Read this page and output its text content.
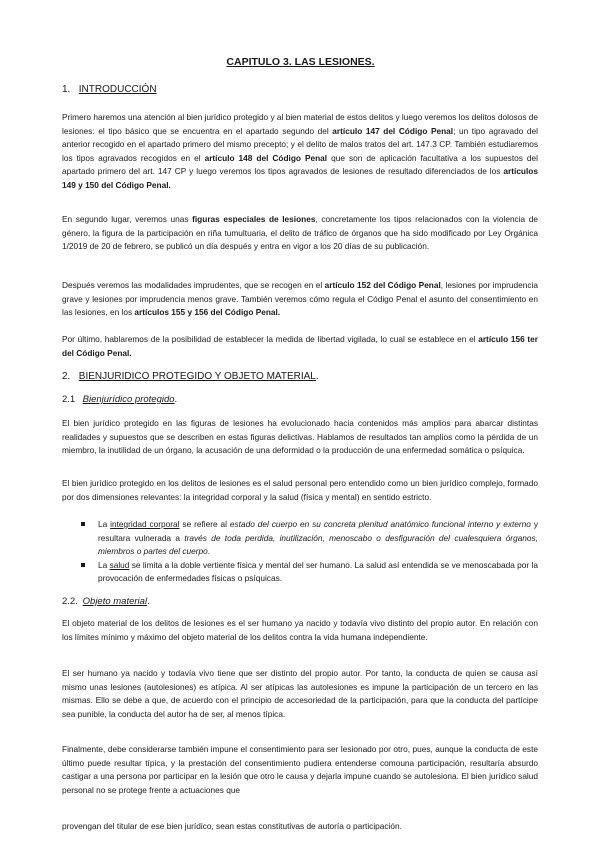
CAPITULO 3. LAS LESIONES.
1. INTRODUCCIÓN

Primero haremos una atención al bien jurídico protegido y al bien material de estos delitos y luego veremos los delitos dolosos de lesiones: el tipo básico que se encuentra en el apartado segundo del artículo 147 del Código Penal; un tipo agravado del anterior recogido en el apartado primero del mismo precepto; y el delito de malos tratos del art. 147.3 CP. También estudiaremos los tipos agravados recogidos en el artículo 148 del Código Penal que son de aplicación facultativa a los supuestos del apartado primero del art. 147 CP y luego veremos los tipos agravados de lesiones de resultado diferenciados de los artículos 149 y 150 del Código Penal.

En segundo lugar, veremos unas figuras especiales de lesiones, concretamente los tipos relacionados con la violencia de género, la figura de la participación en riña tumultuaria, el delito de tráfico de órganos que ha sido modificado por Ley Orgánica 1/2019 de 20 de febrero, se publicó un día después y entra en vigor a los 20 días de su publicación.

Después veremos las modalidades imprudentes, que se recogen en el artículo 152 del Código Penal, lesiones por imprudencia grave y lesiones por imprudencia menos grave. También veremos cómo regula el Código Penal el asunto del consentimiento en las lesiones, en los artículos 155 y 156 del Código Penal.

Por último, hablaremos de la posibilidad de establecer la medida de libertad vigilada, lo cual se establece en el artículo 156 ter del Código Penal.

2. BIENJURIDICO PROTEGIDO Y OBJETO MATERIAL.
2.1 Bienjurídico protegido.

El bien jurídico protegido en las figuras de lesiones ha evolucionado hacia contenidos más amplios para abarcar distintas realidades y supuestos que se describen en estas figuras delictivas. Hablamos de resultados tan amplios como la pérdida de un miembro, la inutilidad de un órgano, la acusación de una deformidad o la producción de una enfermedad somática o psíquica.

El bien jurídico protegido en los delitos de lesiones es el salud personal pero entendido como un bien jurídico complejo, formado por dos dimensiones relevantes: la integridad corporal y la salud (física y mental) en sentido estricto.

La integridad corporal se refiere al estado del cuerpo en su concreta plenitud anatómico funcional interno y externo y resultara vulnerada a través de toda perdida, inutilización, menoscabo o desfiguración del cualesquiera órganos, miembros o partes del cuerpo.
La salud se limita a la doble vertiente física y mental del ser humano. La salud así entendida se ve menoscabada por la provocación de enfermedades físicas o psíquicas.
2.2. Objeto material.

El objeto material de los delitos de lesiones es el ser humano ya nacido y todavía vivo distinto del propio autor. En relación con los límites mínimo y máximo del objeto material de los delitos contra la vida humana independiente.

El ser humano ya nacido y todavía vivo tiene que ser distinto del propio autor. Por tanto, la conducta de quien se causa así mismo unas lesiones (autolesiones) es atípica. Al ser atípicas las autolesiones es impune la participación de un tercero en las mismas. Ello se debe a que, de acuerdo con el principio de accesoriedad de la participación, para que la conducta del partícipe sea punible, la conducta del autor ha de ser, al menos típica.

Finalmente, debe considerarse también impune el consentimiento para ser lesionado por otro, pues, aunque la conducta de este último puede resultar típica, y la prestación del consentimiento pudiera entenderse comouna participación, resultaría absurdo castigar a una persona por participar en la lesión que otro le causa y dejarla impune cuando se autolesiona. El bien jurídico salud personal no se protege frente a actuaciones que

provengan del titular de ese bien jurídico, sean estas constitutivas de autoría o participación.
